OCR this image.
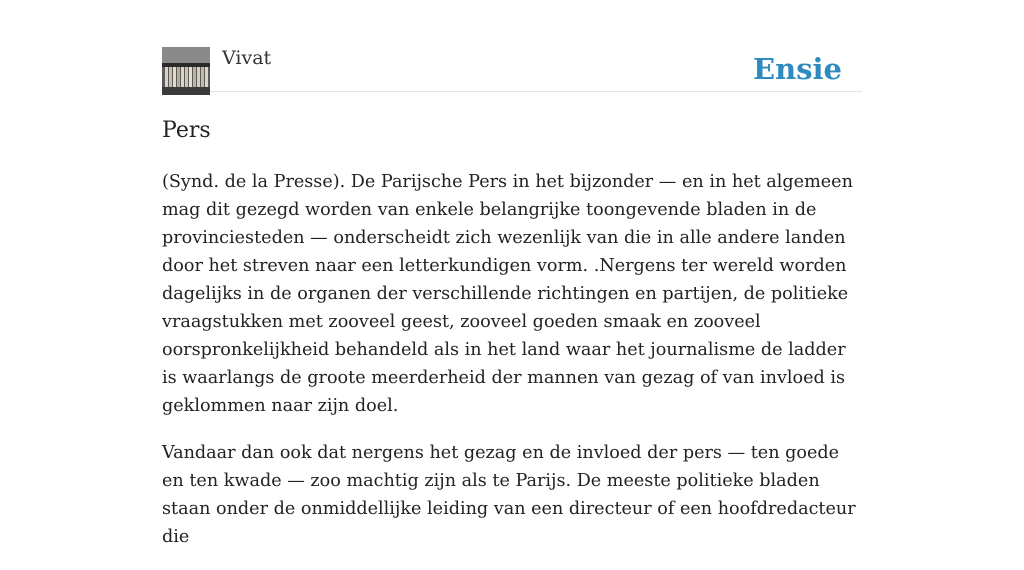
Vivat	Ensie
Pers

(Synd. de la Presse). De Parijsche Pers in het bijzonder — en in het algemeen mag dit gezegd worden van enkele belangrijke toongevende bladen in de provinciesteden — onderscheidt zich wezenlijk van die in alle andere landen door het streven naar een letterkundigen vorm. .Nergens ter wereld worden dagelijks in de organen der verschillende richtingen en partijen, de politieke vraagstukken met zooveel geest, zooveel goeden smaak en zooveel oorspronkelijkheid behandeld als in het land waar het journalisme de ladder is waarlangs de groote meerderheid der mannen van gezag of van invloed is geklommen naar zijn doel.

Vandaar dan ook dat nergens het gezag en de invloed der pers — ten goede en ten kwade — zoo machtig zijn als te Parijs. De meeste politieke bladen staan onder de onmiddellijke leiding van een directeur of een hoofdredacteur die
